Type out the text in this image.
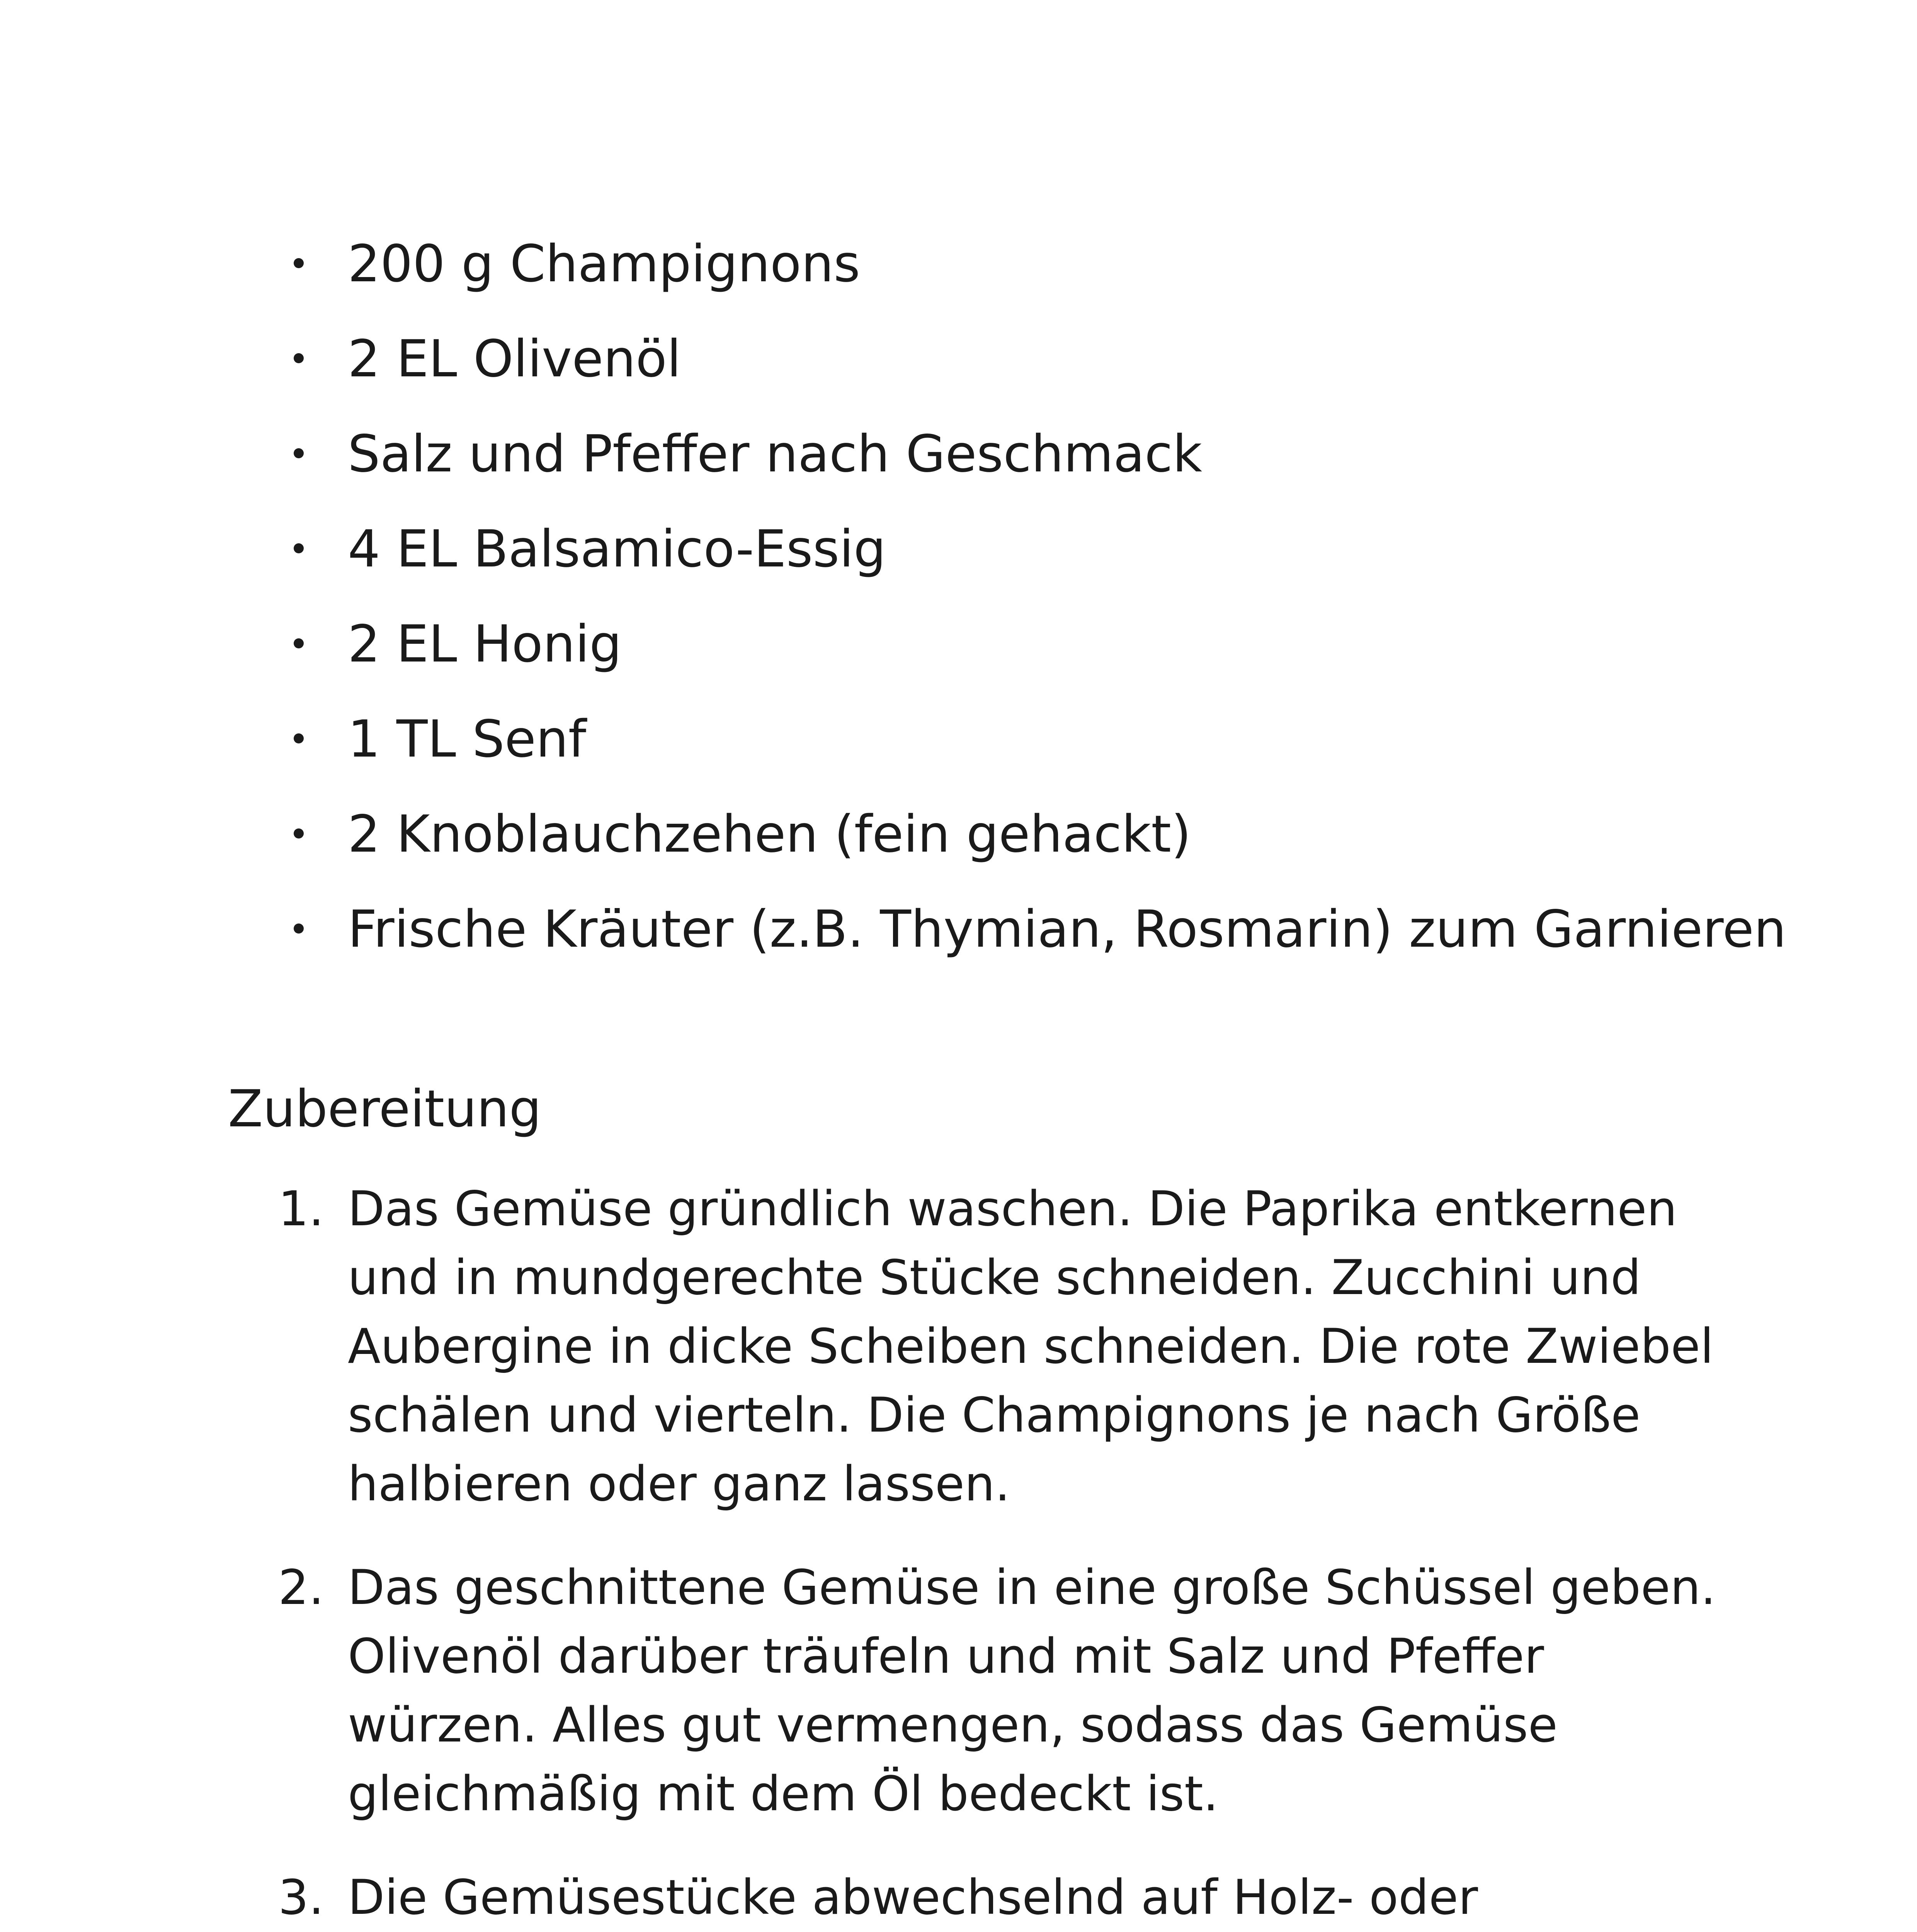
200 g Champignons
2 EL Olivenöl
Salz und Pfeffer nach Geschmack
4 EL Balsamico-Essig
2 EL Honig
1 TL Senf
2 Knoblauchzehen (fein gehackt)
Frische Kräuter (z.B. Thymian, Rosmarin) zum Garnieren
Zubereitung
1. Das Gemüse gründlich waschen. Die Paprika entkernen und in mundgerechte Stücke schneiden. Zucchini und Aubergine in dicke Scheiben schneiden. Die rote Zwiebel schälen und vierteln. Die Champignons je nach Größe halbieren oder ganz lassen.
2. Das geschnittene Gemüse in eine große Schüssel geben. Olivenöl darüber träufeln und mit Salz und Pfeffer würzen. Alles gut vermengen, sodass das Gemüse gleichmäßig mit dem Öl bedeckt ist.
3. Die Gemüsestücke abwechselnd auf Holz- oder
